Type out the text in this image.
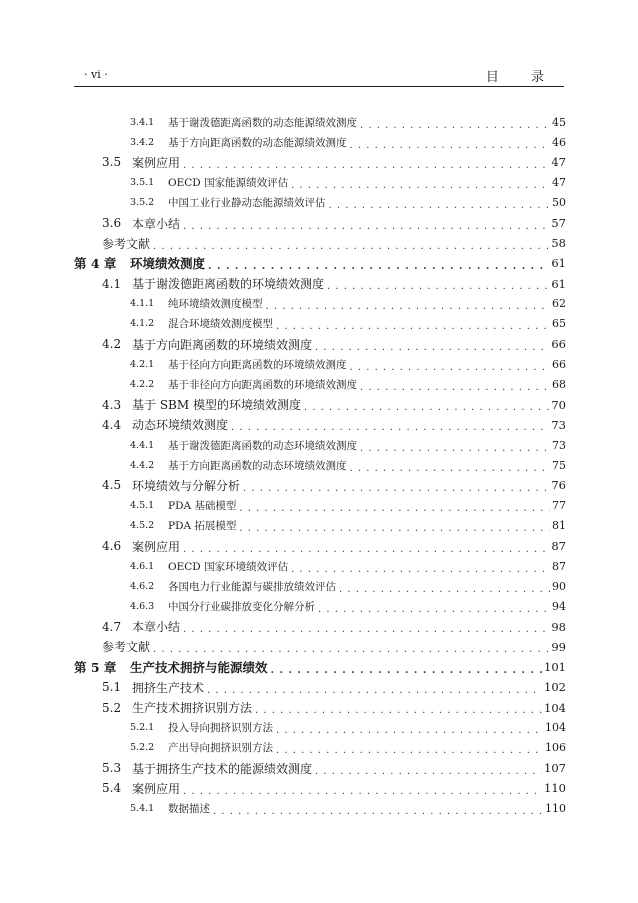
· vi ·	目 录
3.4.1	基于谢泼德距离函数的动态能源绩效测度 . . .	45
3.4.2	基于方向距离函数的动态能源绩效测度 . . .	46
3.5 案例应用 . . .	47
3.5.1	OECD 国家能源绩效评估 . . .	47
3.5.2	中国工业行业静动态能源绩效评估 . . .	50
3.6 本章小结 . . .	57
参考文献 . . .	58
第 4 章	环境绩效测度 . . .	61
4.1 基于谢泼德距离函数的环境绩效测度 . . .	61
4.1.1	纯环境绩效测度模型 . . .	62
4.1.2	混合环境绩效测度模型 . . .	65
4.2 基于方向距离函数的环境绩效测度 . . .	66
4.2.1	基于径向方向距离函数的环境绩效测度 . . .	66
4.2.2	基于非径向方向距离函数的环境绩效测度 . . .	68
4.3 基于 SBM 模型的环境绩效测度 . . .	70
4.4 动态环境绩效测度 . . .	73
4.4.1	基于谢泼德距离函数的动态环境绩效测度 . . .	73
4.4.2	基于方向距离函数的动态环境绩效测度 . . .	75
4.5 环境绩效与分解分析 . . .	76
4.5.1	PDA 基础模型 . . .	77
4.5.2	PDA 拓展模型 . . .	81
4.6 案例应用 . . .	87
4.6.1	OECD 国家环境绩效评估 . . .	87
4.6.2	各国电力行业能源与碳排放绩效评估 . . .	90
4.6.3	中国分行业碳排放变化分解分析 . . .	94
4.7 本章小结 . . .	98
参考文献 . . .	99
第 5 章	生产技术拥挤与能源绩效 . . .	101
5.1 拥挤生产技术 . . .	102
5.2 生产技术拥挤识别方法 . . .	104
5.2.1	投入导向拥挤识别方法 . . .	104
5.2.2	产出导向拥挤识别方法 . . .	106
5.3 基于拥挤生产技术的能源绩效测度 . . .	107
5.4 案例应用 . . .	110
5.4.1	数据描述 . . .	110
